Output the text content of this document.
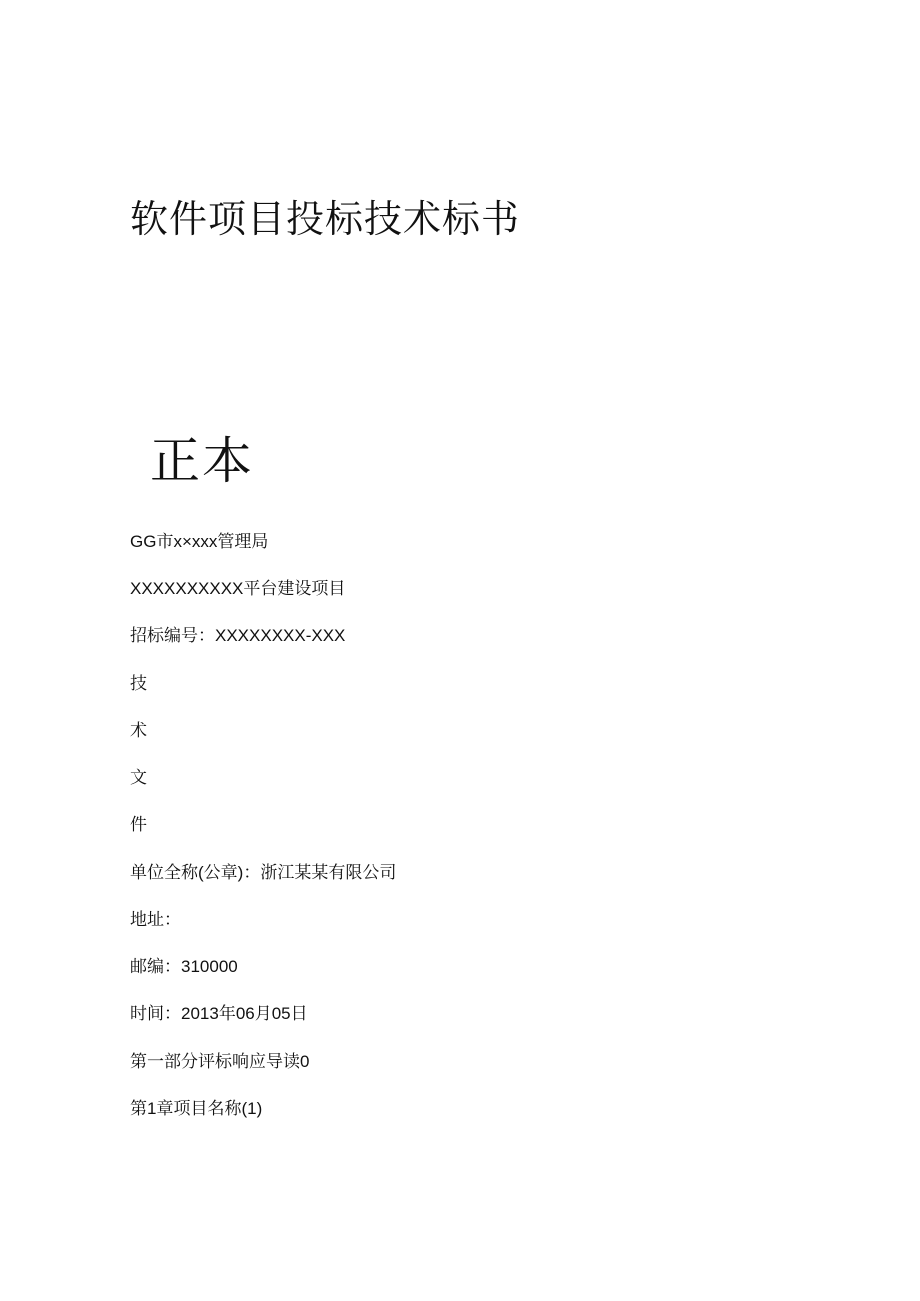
软件项目投标技术标书
正本
GG市x×xxx管理局
XXXXXXXXXX平台建设项目
招标编号：XXXXXXXX-XXX
技
术
文
件
单位全称(公章)：浙江某某有限公司
地址：
邮编：310000
时间：2013年06月05日
第一部分评标响应导读0
第1章项目名称(1)
